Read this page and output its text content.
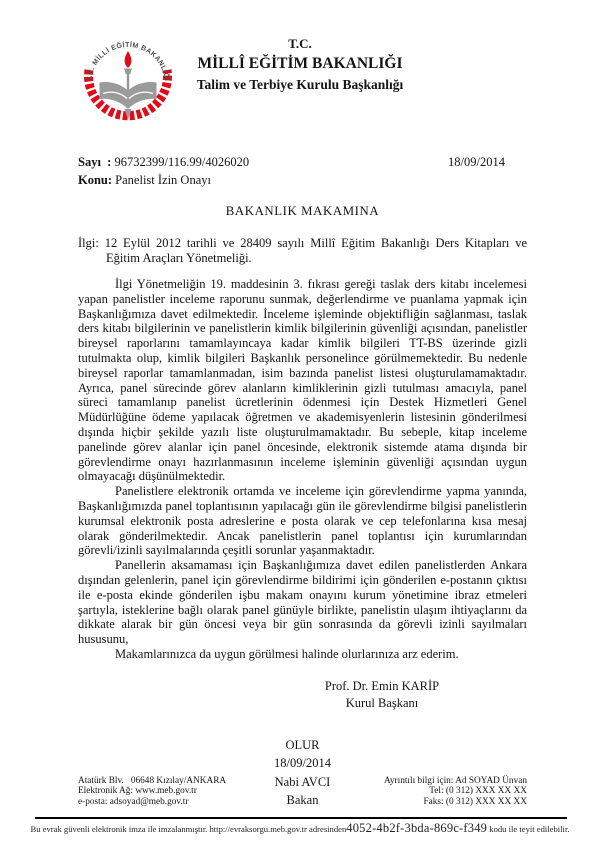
T.C. MİLLİ EĞİTİM BAKANLIĞI
T.C.
MİLLÎ EĞİTİM BAKANLIĞI
Talim ve Terbiye Kurulu Başkanlığı
Sayı  : 96732399/116.99/4026020	18/09/2014
Konu: Panelist İzin Onayı
BAKANLIK MAKAMINA

İlgi: 12 Eylül 2012 tarihli ve 28409 sayılı Millî Eğitim Bakanlığı Ders Kitapları ve Eğitim Araçları Yönetmeliği.

İlgi Yönetmeliğin 19. maddesinin 3. fıkrası gereği taslak ders kitabı incelemesi yapan panelistler inceleme raporunu sunmak, değerlendirme ve puanlama yapmak için Başkanlığımıza davet edilmektedir. İnceleme işleminde objektifliğin sağlanması, taslak ders kitabı bilgilerinin ve panelistlerin kimlik bilgilerinin güvenliği açısından, panelistler bireysel raporlarını tamamlayıncaya kadar kimlik bilgileri TT-BS üzerinde gizli tutulmakta olup, kimlik bilgileri Başkanlık personelince görülmemektedir. Bu nedenle bireysel raporlar tamamlanmadan, isim bazında panelist listesi oluşturulamamaktadır. Ayrıca, panel sürecinde görev alanların kimliklerinin gizli tutulması amacıyla, panel süreci tamamlanıp panelist ücretlerinin ödenmesi için Destek Hizmetleri Genel Müdürlüğüne ödeme yapılacak öğretmen ve akademisyenlerin listesinin gönderilmesi dışında hiçbir şekilde yazılı liste oluşturulmamaktadır. Bu sebeple, kitap inceleme panelinde görev alanlar için panel öncesinde, elektronik sistemde atama dışında bir görevlendirme onayı hazırlanmasının inceleme işleminin güvenliği açısından uygun olmayacağı düşünülmektedir.

Panelistlere elektronik ortamda ve inceleme için görevlendirme yapma yanında, Başkanlığımızda panel toplantısının yapılacağı gün ile görevlendirme bilgisi panelistlerin kurumsal elektronik posta adreslerine e posta olarak ve cep telefonlarına kısa mesaj olarak gönderilmektedir. Ancak panelistlerin panel toplantısı için kurumlarından görevli/izinli sayılmalarında çeşitli sorunlar yaşanmaktadır.

Panellerin aksamaması için Başkanlığımıza davet edilen panelistlerden Ankara dışından gelenlerin, panel için görevlendirme bildirimi için gönderilen e-postanın çıktısı ile e-posta ekinde gönderilen işbu makam onayını kurum yönetimine ibraz etmeleri şartıyla, isteklerine bağlı olarak panel günüyle birlikte, panelistin ulaşım ihtiyaçlarını da dikkate alarak bir gün öncesi veya bir gün sonrasında da görevli izinli sayılmaları hususunu,

Makamlarınızca da uygun görülmesi halinde olurlarınıza arz ederim.

Prof. Dr. Emin KARİP
Kurul Başkanı
OLUR
18/09/2014
Nabi AVCI
Bakan
Atatürk Blv.   06648 Kızılay/ANKARA
Elektronik Ağ: www.meb.gov.tr
e-posta: adsoyad@meb.gov.tr
Ayrıntılı bilgi için: Ad SOYAD Ünvan
Tel: (0 312) XXX XX XX
Faks: (0 312) XXX XX XX

Bu evrak güvenli elektronik imza ile imzalanmıştır. http://evraksorgu.meb.gov.tr adresinden4052-4b2f-3bda-869c-f349 kodu ile teyit edilebilir.
